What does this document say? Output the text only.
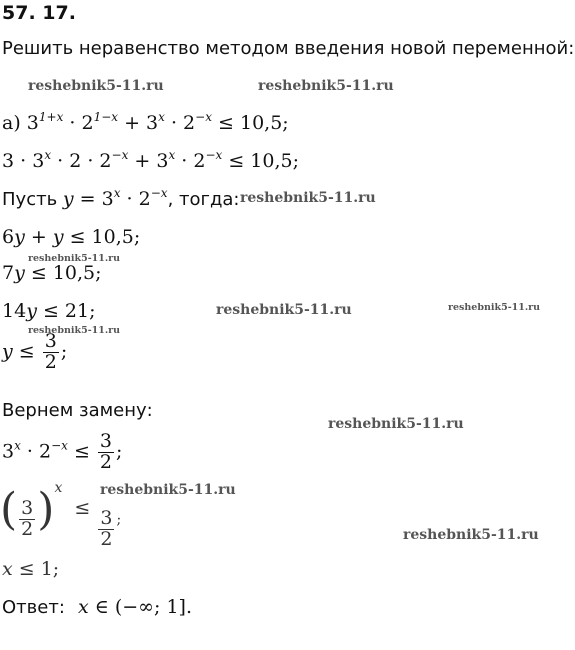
57. 17.
Решить неравенство методом введения новой переменной:
reshebnik5-11.ru	reshebnik5-11.ru
reshebnik5-11.ru
reshebnik5-11.ru
reshebnik5-11.ru	reshebnik5-11.ru
reshebnik5-11.ru
reshebnik5-11.ru
reshebnik5-11.ru
reshebnik5-11.ru
а) $3^{1+x} \cdot 2^{1-x} + 3^x \cdot 2^{-x} \le 10,5$;
$3 \cdot 3^x \cdot 2 \cdot 2^{-x} + 3^x \cdot 2^{-x} \le 10,5$;
Пусть $y = 3^x \cdot 2^{-x}$, тогда:
6y + y ≤ 10,5;
7y ≤ 10,5;
14y ≤ 21;
$y \le \frac{3}{2}$ ;
Вернем замену:
$3^x \cdot 2^{-x} \le \frac{3}{2}$ ;
( $\frac{3}{2} )^x$ ≤
$\frac{3}{2}$ ;
x ≤ 1;
Ответ: x ∈ (−∞; 1].
